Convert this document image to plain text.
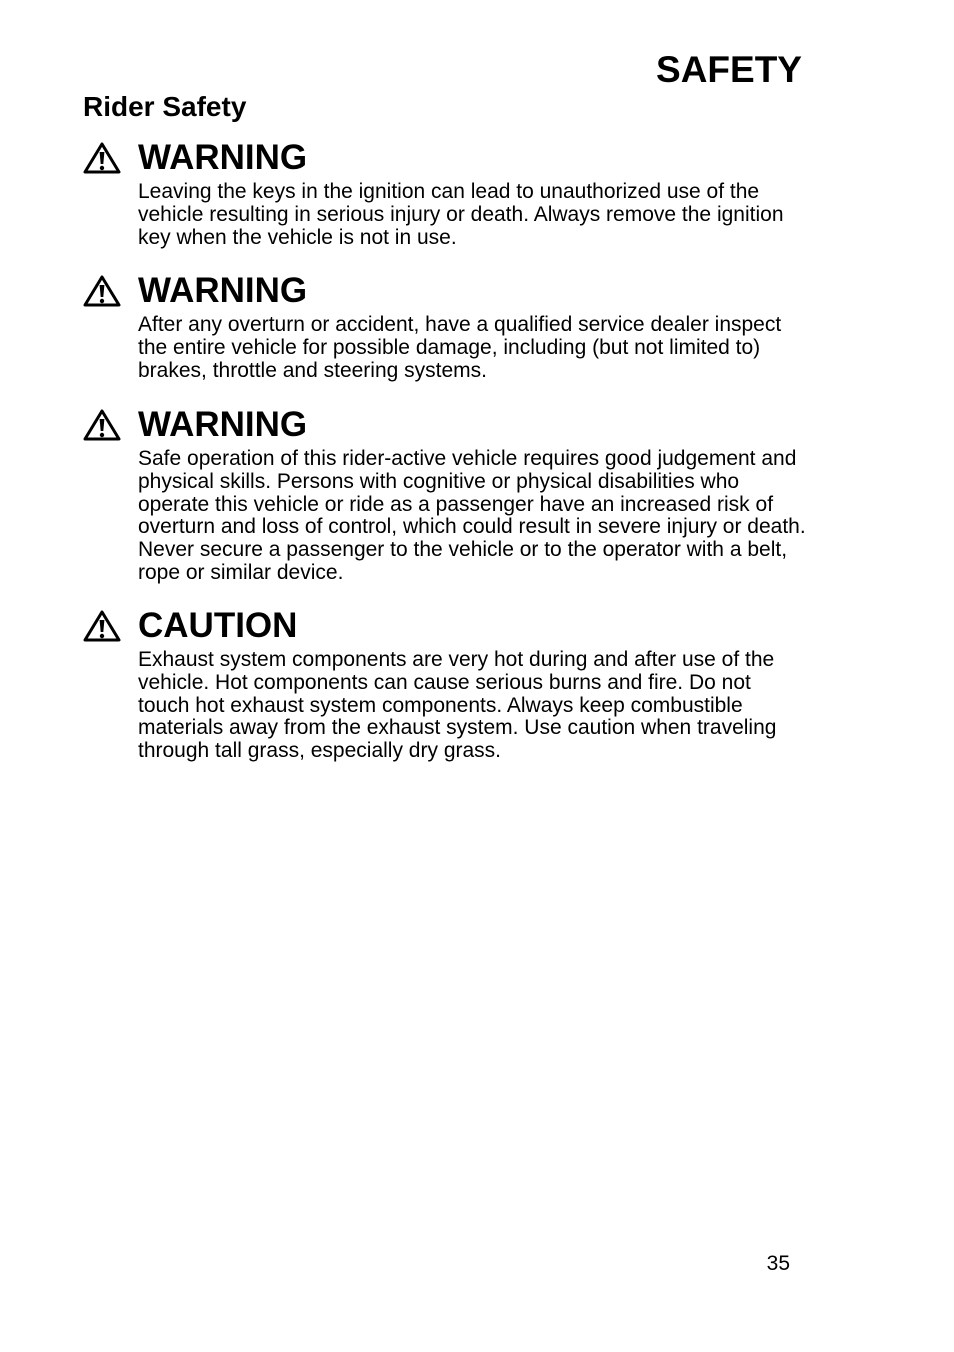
SAFETY
Rider Safety
WARNING

Leaving the keys in the ignition can lead to unauthorized use of the vehicle resulting in serious injury or death. Always remove the ignition key when the vehicle is not in use.

WARNING

After any overturn or accident, have a qualified service dealer inspect the entire vehicle for possible damage, including (but not limited to) brakes, throttle and steering systems.

WARNING

Safe operation of this rider-active vehicle requires good judgement and physical skills. Persons with cognitive or physical disabilities who operate this vehicle or ride as a passenger have an increased risk of overturn and loss of control, which could result in severe injury or death. Never secure a passenger to the vehicle or to the operator with a belt, rope or similar device.

CAUTION

Exhaust system components are very hot during and after use of the vehicle. Hot components can cause serious burns and fire. Do not touch hot exhaust system components. Always keep combustible materials away from the exhaust system. Use caution when traveling through tall grass, especially dry grass.

35
